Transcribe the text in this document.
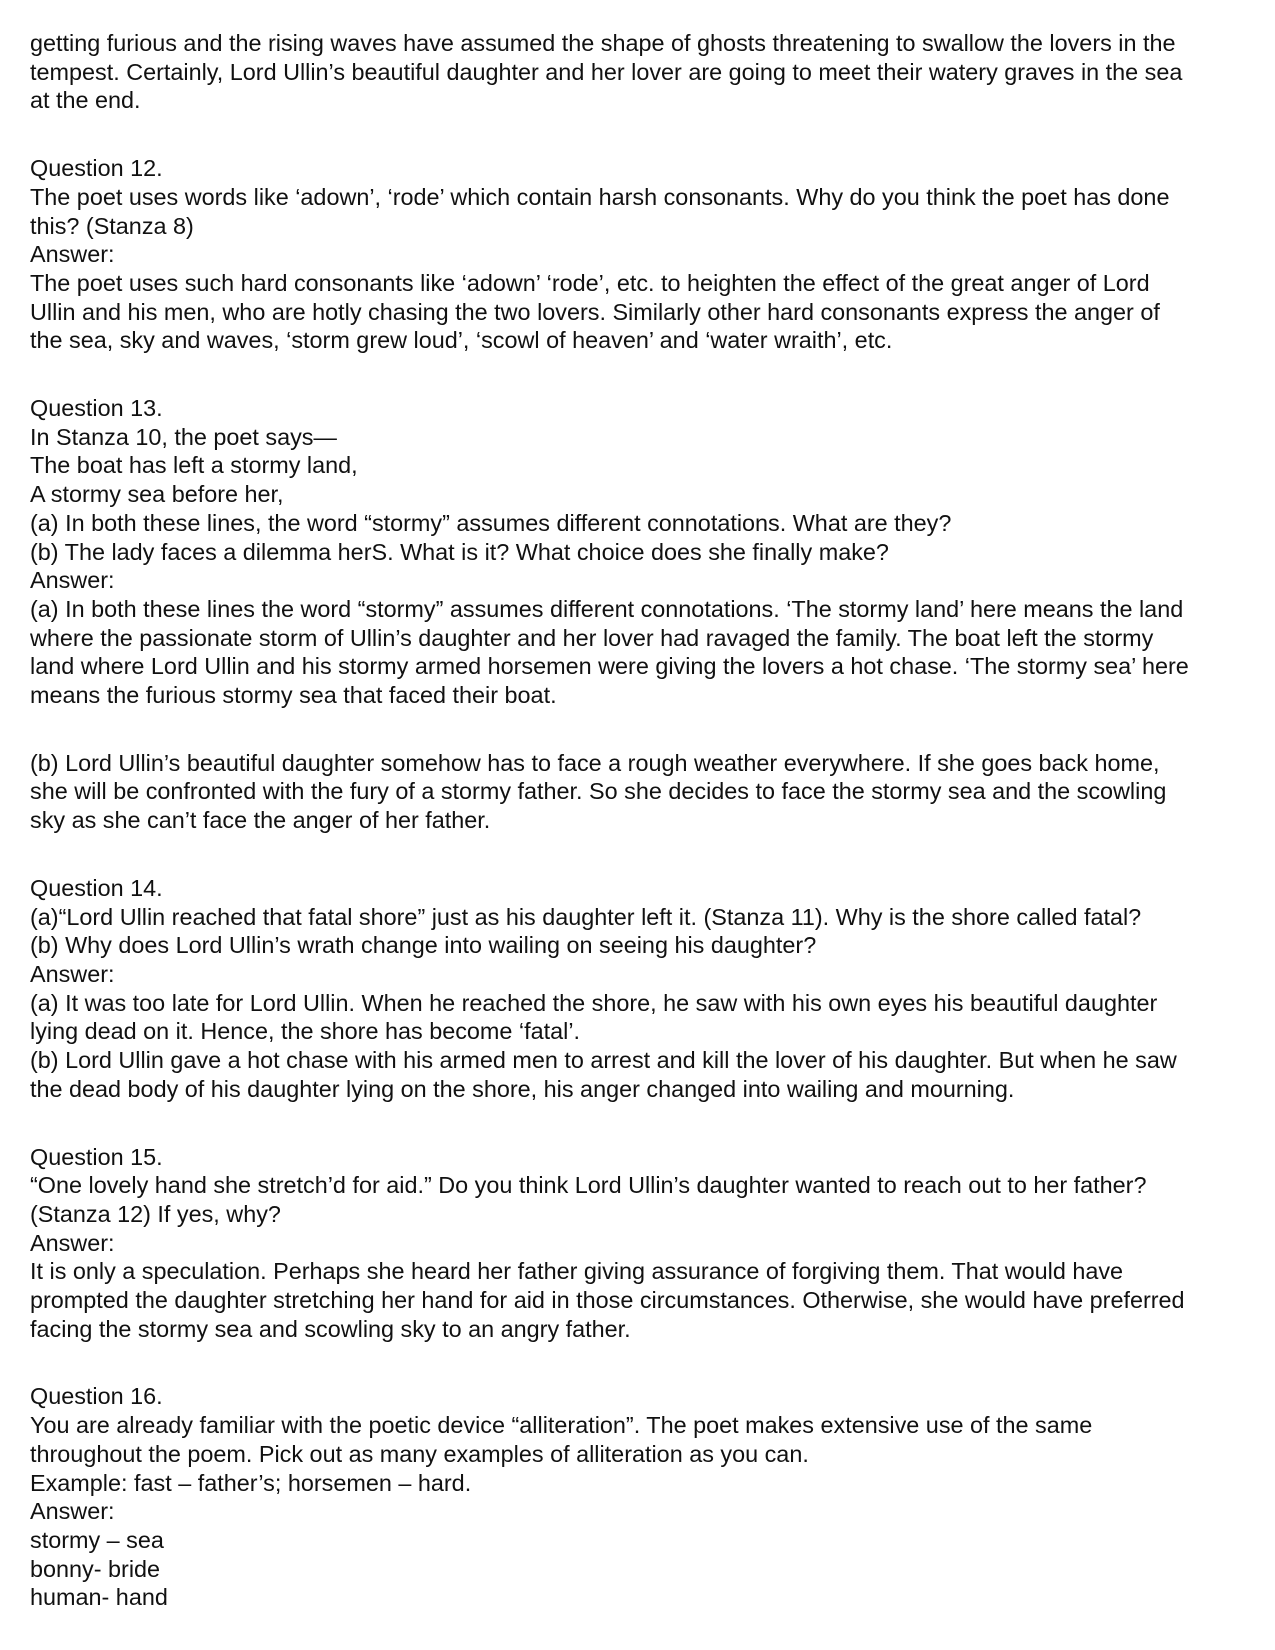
getting furious and the rising waves have assumed the shape of ghosts threatening to swallow the lovers in the

tempest. Certainly, Lord Ullin’s beautiful daughter and her lover are going to meet their watery graves in the sea

at the end.

Question 12.

The poet uses words like ‘adown’, ‘rode’ which contain harsh consonants. Why do you think the poet has done

this? (Stanza 8)

Answer:

The poet uses such hard consonants like ‘adown’ ‘rode’, etc. to heighten the effect of the great anger of Lord

Ullin and his men, who are hotly chasing the two lovers. Similarly other hard consonants express the anger of

the sea, sky and waves, ‘storm grew loud’, ‘scowl of heaven’ and ‘water wraith’, etc.

Question 13.

In Stanza 10, the poet says—

The boat has left a stormy land,

A stormy sea before her,

(a) In both these lines, the word “stormy” assumes different connotations. What are they?

(b) The lady faces a dilemma herS. What is it? What choice does she finally make?

Answer:

(a) In both these lines the word “stormy” assumes different connotations. ‘The stormy land’ here means the land

where the passionate storm of Ullin’s daughter and her lover had ravaged the family. The boat left the stormy

land where Lord Ullin and his stormy armed horsemen were giving the lovers a hot chase. ‘The stormy sea’ here

means the furious stormy sea that faced their boat.

(b) Lord Ullin’s beautiful daughter somehow has to face a rough weather everywhere. If she goes back home,

she will be confronted with the fury of a stormy father. So she decides to face the stormy sea and the scowling

sky as she can’t face the anger of her father.

Question 14.

(a)“Lord Ullin reached that fatal shore” just as his daughter left it. (Stanza 11). Why is the shore called fatal?

(b) Why does Lord Ullin’s wrath change into wailing on seeing his daughter?

Answer:

(a) It was too late for Lord Ullin. When he reached the shore, he saw with his own eyes his beautiful daughter

lying dead on it. Hence, the shore has become ‘fatal’.

(b) Lord Ullin gave a hot chase with his armed men to arrest and kill the lover of his daughter. But when he saw

the dead body of his daughter lying on the shore, his anger changed into wailing and mourning.

Question 15.

“One lovely hand she stretch’d for aid.” Do you think Lord Ullin’s daughter wanted to reach out to her father?

(Stanza 12) If yes, why?

Answer:

It is only a speculation. Perhaps she heard her father giving assurance of forgiving them. That would have

prompted the daughter stretching her hand for aid in those circumstances. Otherwise, she would have preferred

facing the stormy sea and scowling sky to an angry father.

Question 16.

You are already familiar with the poetic device “alliteration”. The poet makes extensive use of the same

throughout the poem. Pick out as many examples of alliteration as you can.

Example: fast – father’s; horsemen – hard.

Answer:

stormy – sea

bonny- bride

human- hand
